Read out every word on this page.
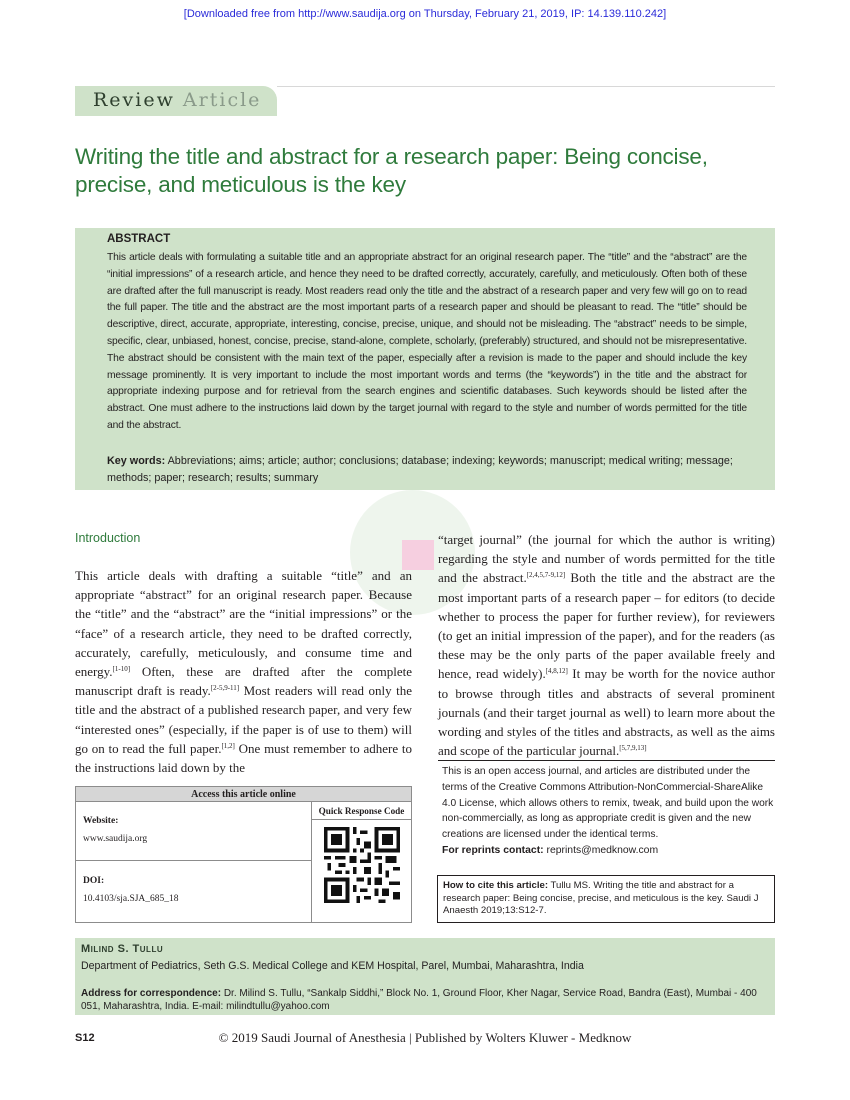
[Downloaded free from http://www.saudija.org on Thursday, February 21, 2019, IP: 14.139.110.242]
Review Article
Writing the title and abstract for a research paper: Being concise, precise, and meticulous is the key
ABSTRACT
This article deals with formulating a suitable title and an appropriate abstract for an original research paper. The “title” and the “abstract” are the “initial impressions” of a research article, and hence they need to be drafted correctly, accurately, carefully, and meticulously. Often both of these are drafted after the full manuscript is ready. Most readers read only the title and the abstract of a research paper and very few will go on to read the full paper. The title and the abstract are the most important parts of a research paper and should be pleasant to read. The “title” should be descriptive, direct, accurate, appropriate, interesting, concise, precise, unique, and should not be misleading. The “abstract” needs to be simple, specific, clear, unbiased, honest, concise, precise, stand-alone, complete, scholarly, (preferably) structured, and should not be misrepresentative. The abstract should be consistent with the main text of the paper, especially after a revision is made to the paper and should include the key message prominently. It is very important to include the most important words and terms (the “keywords”) in the title and the abstract for appropriate indexing purpose and for retrieval from the search engines and scientific databases. Such keywords should be listed after the abstract. One must adhere to the instructions laid down by the target journal with regard to the style and number of words permitted for the title and the abstract.
Key words: Abbreviations; aims; article; author; conclusions; database; indexing; keywords; manuscript; medical writing; message; methods; paper; research; results; summary
Introduction
This article deals with drafting a suitable “title” and an appropriate “abstract” for an original research paper. Because the “title” and the “abstract” are the “initial impressions” or the “face” of a research article, they need to be drafted correctly, accurately, carefully, meticulously, and consume time and energy.[1-10] Often, these are drafted after the complete manuscript draft is ready.[2-5,9-11] Most readers will read only the title and the abstract of a published research paper, and very few “interested ones” (especially, if the paper is of use to them) will go on to read the full paper.[1,2] One must remember to adhere to the instructions laid down by the
“target journal” (the journal for which the author is writing) regarding the style and number of words permitted for the title and the abstract.[2,4,5,7-9,12] Both the title and the abstract are the most important parts of a research paper – for editors (to decide whether to process the paper for further review), for reviewers (to get an initial impression of the paper), and for the readers (as these may be the only parts of the paper available freely and hence, read widely).[4,8,12] It may be worth for the novice author to browse through titles and abstracts of several prominent journals (and their target journal as well) to learn more about the wording and styles of the titles and abstracts, as well as the aims and scope of the particular journal.[5,7,9,13]
This is an open access journal, and articles are distributed under the terms of the Creative Commons Attribution-NonCommercial-ShareAlike 4.0 License, which allows others to remix, tweak, and build upon the work non-commercially, as long as appropriate credit is given and the new creations are licensed under the identical terms.
For reprints contact: reprints@medknow.com
How to cite this article: Tullu MS. Writing the title and abstract for a research paper: Being concise, precise, and meticulous is the key. Saudi J Anaesth 2019;13:S12-7.
Access this article online
Website:
www.saudija.org
DOI:
10.4103/sja.SJA_685_18
Quick Response Code
Milind S. Tullu
Department of Pediatrics, Seth G.S. Medical College and KEM Hospital, Parel, Mumbai, Maharashtra, India
Address for correspondence: Dr. Milind S. Tullu, “Sankalp Siddhi,” Block No. 1, Ground Floor, Kher Nagar, Service Road, Bandra (East), Mumbai - 400 051, Maharashtra, India. E-mail: milindtullu@yahoo.com
S12	© 2019 Saudi Journal of Anesthesia | Published by Wolters Kluwer - Medknow
